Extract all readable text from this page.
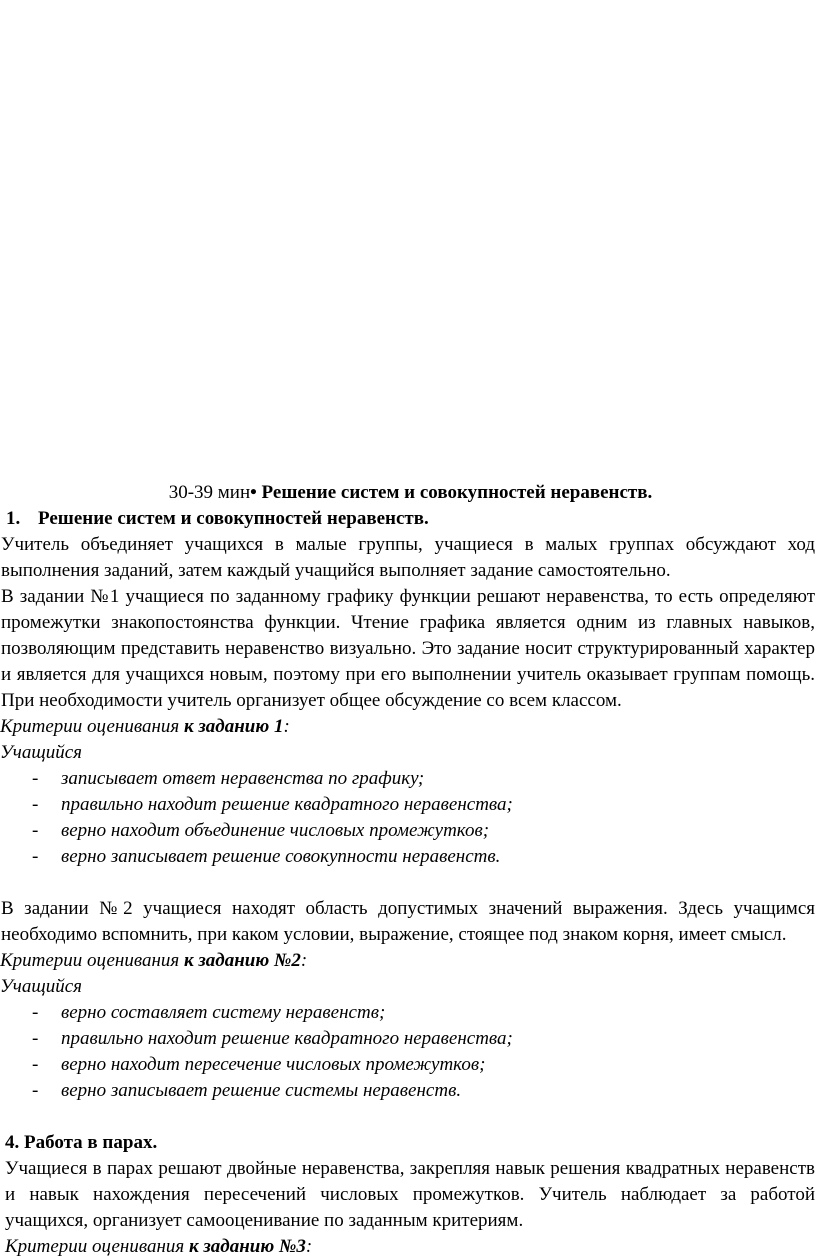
30-39 мин• Решение систем и совокупностей неравенств.
1. Решение систем и совокупностей неравенств.
Учитель объединяет учащихся в малые группы, учащиеся в малых группах обсуждают ход выполнения заданий, затем каждый учащийся выполняет задание самостоятельно.
В задании №1 учащиеся по заданному графику функции решают неравенства, то есть определяют промежутки знакопостоянства функции. Чтение графика является одним из главных навыков, позволяющим представить неравенство визуально. Это задание носит структурированный характер и является для учащихся новым, поэтому при его выполнении учитель оказывает группам помощь. При необходимости учитель организует общее обсуждение со всем классом.
Критерии оценивания к заданию 1:
Учащийся
- записывает ответ неравенства по графику;
- правильно находит решение квадратного неравенства;
- верно находит объединение числовых промежутков;
- верно записывает решение совокупности неравенств.
В задании №2 учащиеся находят область допустимых значений выражения. Здесь учащимся необходимо вспомнить, при каком условии, выражение, стоящее под знаком корня, имеет смысл.
Критерии оценивания к заданию №2:
Учащийся
- верно составляет систему неравенств;
- правильно находит решение квадратного неравенства;
- верно находит пересечение числовых промежутков;
- верно записывает решение системы неравенств.
4. Работа в парах.
Учащиеся в парах решают двойные неравенства, закрепляя навык решения квадратных неравенств и навык нахождения пересечений числовых промежутков. Учитель наблюдает за работой учащихся, организует самооценивание по заданным критериям.
Критерии оценивания к заданию №3:
